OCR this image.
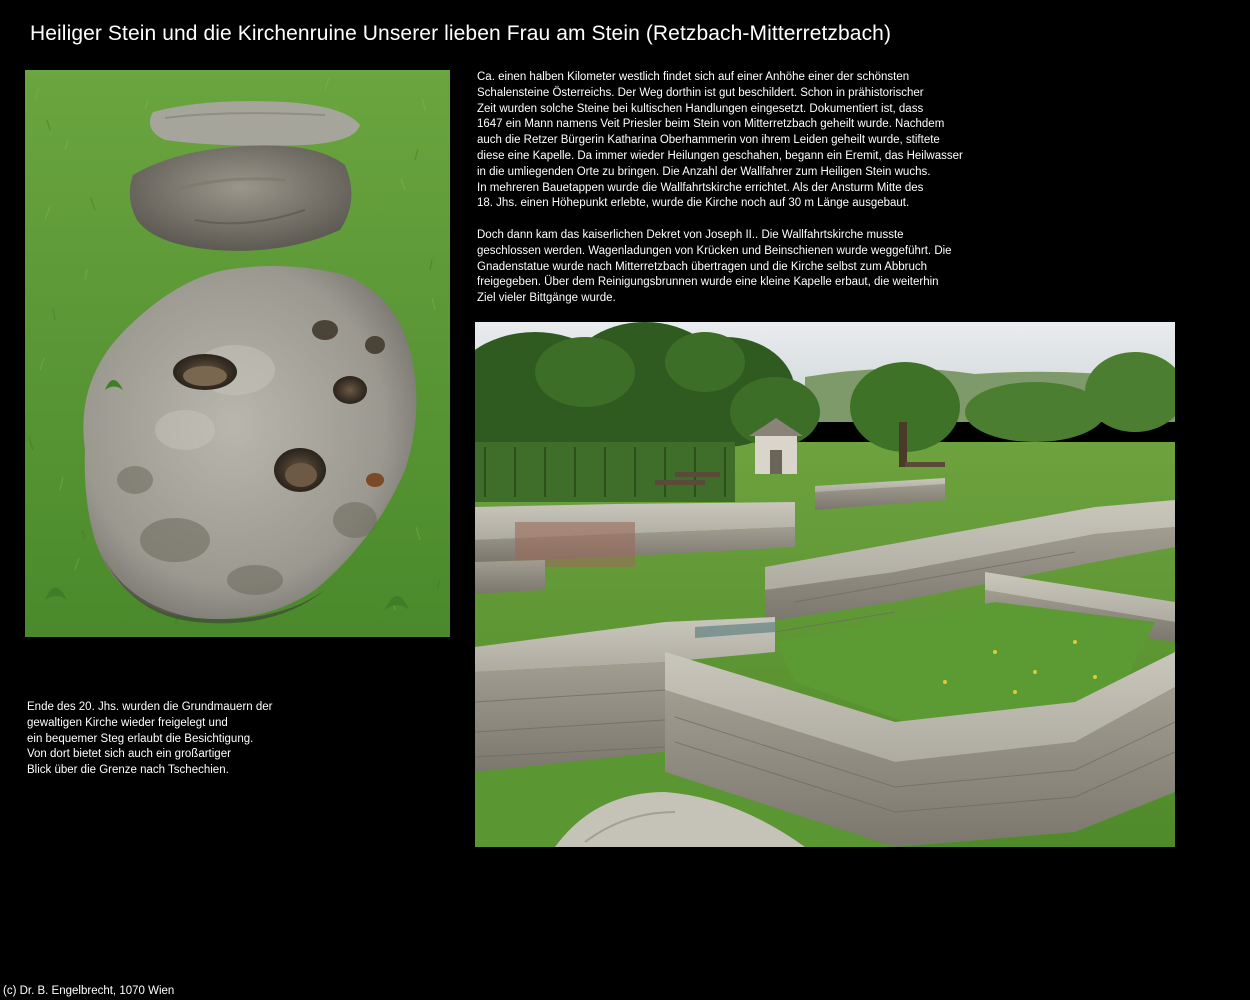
Heiliger Stein und die Kirchenruine Unserer lieben Frau am Stein (Retzbach-Mitterretzbach)
Ca. einen halben Kilometer westlich findet sich auf einer Anhöhe einer der schönsten
Schalensteine Österreichs. Der Weg dorthin ist gut beschildert. Schon in prähistorischer
Zeit wurden solche Steine bei kultischen Handlungen eingesetzt. Dokumentiert ist, dass
1647 ein Mann namens Veit Priesler beim Stein von Mitterretzbach geheilt wurde. Nachdem
auch die Retzer Bürgerin Katharina Oberhammerin von ihrem Leiden geheilt wurde, stiftete
diese eine Kapelle. Da immer wieder Heilungen geschahen, begann ein Eremit, das Heilwasser
in die umliegenden Orte zu bringen. Die Anzahl der Wallfahrer zum Heiligen Stein wuchs.
In mehreren Bauetappen wurde die Wallfahrtskirche errichtet. Als der Ansturm Mitte des
18. Jhs. einen Höhepunkt erlebte, wurde die Kirche noch auf 30 m Länge ausgebaut.
Doch dann kam das kaiserlichen Dekret von Joseph II.. Die Wallfahrtskirche musste
geschlossen werden. Wagenladungen von Krücken und Beinschienen wurde weggeführt. Die
Gnadenstatue wurde nach Mitterretzbach übertragen und die Kirche selbst zum Abbruch
freigegeben. Über dem Reinigungsbrunnen wurde eine kleine Kapelle erbaut, die weiterhin
Ziel vieler Bittgänge wurde.
Ende des 20. Jhs. wurden die Grundmauern der
gewaltigen Kirche wieder freigelegt und
ein bequemer Steg erlaubt die Besichtigung.
Von dort bietet sich auch ein großartiger
Blick über die Grenze nach Tschechien.
(c) Dr. B. Engelbrecht, 1070 Wien
